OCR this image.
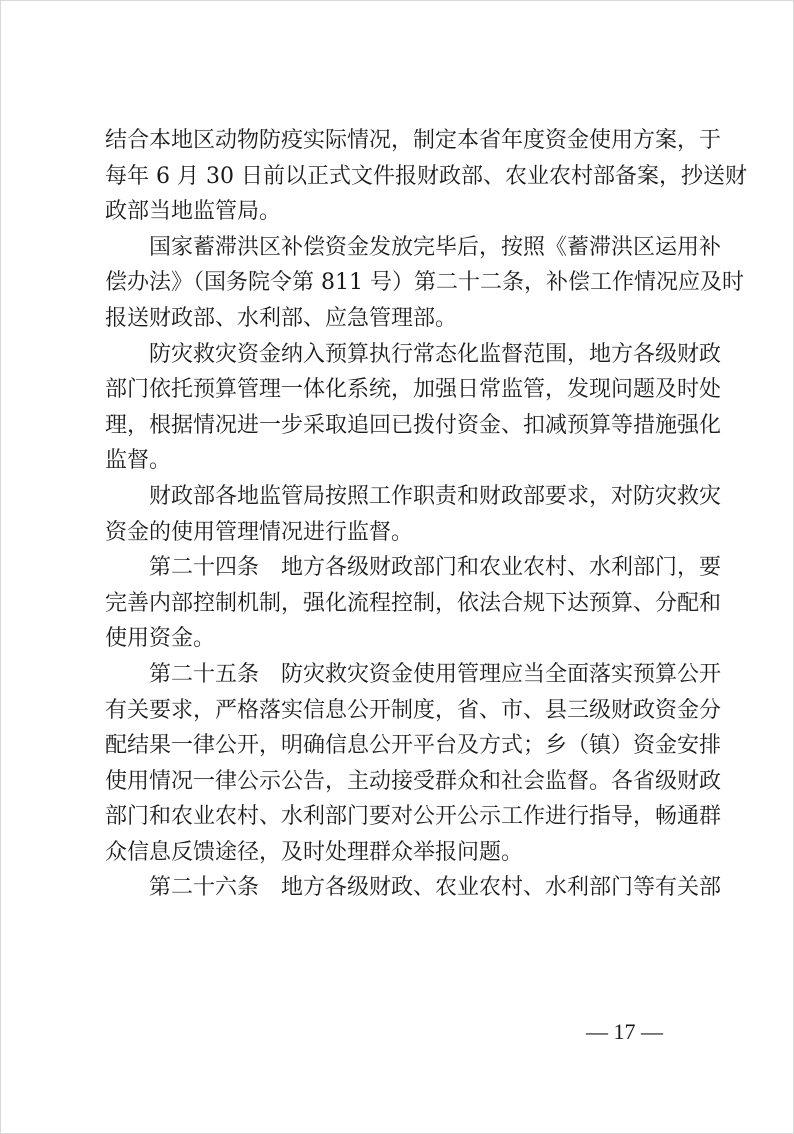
结合本地区动物防疫实际情况，制定本省年度资金使用方案，于
每年 6 月 30 日前以正式文件报财政部、农业农村部备案，抄送财
政部当地监管局。
国家蓄滞洪区补偿资金发放完毕后，按照《蓄滞洪区运用补
偿办法》（国务院令第 811 号）第二十二条，补偿工作情况应及时
报送财政部、水利部、应急管理部。
防灾救灾资金纳入预算执行常态化监督范围，地方各级财政
部门依托预算管理一体化系统，加强日常监管，发现问题及时处
理，根据情况进一步采取追回已拨付资金、扣减预算等措施强化
监督。
财政部各地监管局按照工作职责和财政部要求，对防灾救灾
资金的使用管理情况进行监督。
第二十四条　地方各级财政部门和农业农村、水利部门，要
完善内部控制机制，强化流程控制，依法合规下达预算、分配和
使用资金。
第二十五条　防灾救灾资金使用管理应当全面落实预算公开
有关要求，严格落实信息公开制度，省、市、县三级财政资金分
配结果一律公开，明确信息公开平台及方式；乡（镇）资金安排
使用情况一律公示公告，主动接受群众和社会监督。各省级财政
部门和农业农村、水利部门要对公开公示工作进行指导，畅通群
众信息反馈途径，及时处理群众举报问题。
第二十六条　地方各级财政、农业农村、水利部门等有关部
— 17 —
